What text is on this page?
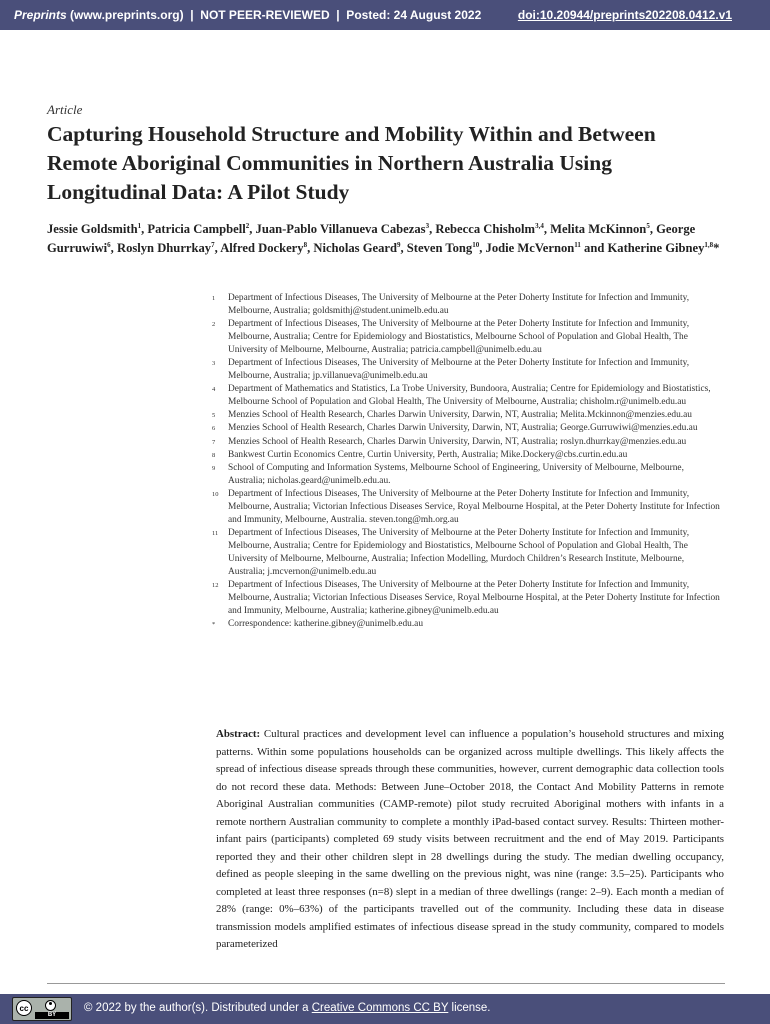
Preprints (www.preprints.org)  |  NOT PEER-REVIEWED  |  Posted: 24 August 2022	doi:10.20944/preprints202208.0412.v1
Article
Capturing Household Structure and Mobility Within and Between Remote Aboriginal Communities in Northern Australia Using Longitudinal Data: A Pilot Study
Jessie Goldsmith$^1$, Patricia Campbell$^2$, Juan-Pablo Villanueva Cabezas$^3$, Rebecca Chisholm$^{3,4}$, Melita McKinnon$^5$, George Gurruwiwi$^6$, Roslyn Dhurrkay$^7$, Alfred Dockery$^8$, Nicholas Geard$^9$, Steven Tong$^{10}$, Jodie McVernon$^{11}$ and Katherine Gibney$^{1,8}$*
1 Department of Infectious Diseases, The University of Melbourne at the Peter Doherty Institute for Infection and Immunity, Melbourne, Australia; goldsmithj@student.unimelb.edu.au
2 Department of Infectious Diseases, The University of Melbourne at the Peter Doherty Institute for Infection and Immunity, Melbourne, Australia; Centre for Epidemiology and Biostatistics, Melbourne School of Population and Global Health, The University of Melbourne, Melbourne, Australia; patricia.campbell@unimelb.edu.au
3 Department of Infectious Diseases, The University of Melbourne at the Peter Doherty Institute for Infection and Immunity, Melbourne, Australia; jp.villanueva@unimelb.edu.au
4 Department of Mathematics and Statistics, La Trobe University, Bundoora, Australia; Centre for Epidemiology and Biostatistics, Melbourne School of Population and Global Health, The University of Melbourne, Australia; chisholm.r@unimelb.edu.au
5 Menzies School of Health Research, Charles Darwin University, Darwin, NT, Australia; Melita.Mckinnon@menzies.edu.au
6 Menzies School of Health Research, Charles Darwin University, Darwin, NT, Australia; George.Gurruwiwi@menzies.edu.au
7 Menzies School of Health Research, Charles Darwin University, Darwin, NT, Australia; roslyn.dhurrkay@menzies.edu.au
8 Bankwest Curtin Economics Centre, Curtin University, Perth, Australia; Mike.Dockery@cbs.curtin.edu.au
9 School of Computing and Information Systems, Melbourne School of Engineering, University of Melbourne, Melbourne, Australia; nicholas.geard@unimelb.edu.au.
10 Department of Infectious Diseases, The University of Melbourne at the Peter Doherty Institute for Infection and Immunity, Melbourne, Australia; Victorian Infectious Diseases Service, Royal Melbourne Hospital, at the Peter Doherty Institute for Infection and Immunity, Melbourne, Australia. steven.tong@mh.org.au
11 Department of Infectious Diseases, The University of Melbourne at the Peter Doherty Institute for Infection and Immunity, Melbourne, Australia; Centre for Epidemiology and Biostatistics, Melbourne School of Population and Global Health, The University of Melbourne, Melbourne, Australia; Infection Modelling, Murdoch Children’s Research Institute, Melbourne, Australia; j.mcvernon@unimelb.edu.au
12 Department of Infectious Diseases, The University of Melbourne at the Peter Doherty Institute for Infection and Immunity, Melbourne, Australia; Victorian Infectious Diseases Service, Royal Melbourne Hospital, at the Peter Doherty Institute for Infection and Immunity, Melbourne, Australia; katherine.gibney@unimelb.edu.au
* Correspondence: katherine.gibney@unimelb.edu.au

Abstract: Cultural practices and development level can influence a population’s household structures and mixing patterns. Within some populations households can be organized across multiple dwellings. This likely affects the spread of infectious disease spreads through these communities, however, current demographic data collection tools do not record these data. Methods: Between June–October 2018, the Contact And Mobility Patterns in remote Aboriginal Australian communities (CAMP-remote) pilot study recruited Aboriginal mothers with infants in a remote northern Australian community to complete a monthly iPad-based contact survey. Results: Thirteen mother-infant pairs (participants) completed 69 study visits between recruitment and the end of May 2019. Participants reported they and their other children slept in 28 dwellings during the study. The median dwelling occupancy, defined as people sleeping in the same dwelling on the previous night, was nine (range: 3.5–25). Participants who completed at least three responses (n=8) slept in a median of three dwellings (range: 2–9). Each month a median of 28% (range: 0%–63%) of the participants travelled out of the community. Including these data in disease transmission models amplified estimates of infectious disease spread in the study community, compared to models parameterized

cc
BY
© 2022 by the author(s). Distributed under a Creative Commons CC BY license.
